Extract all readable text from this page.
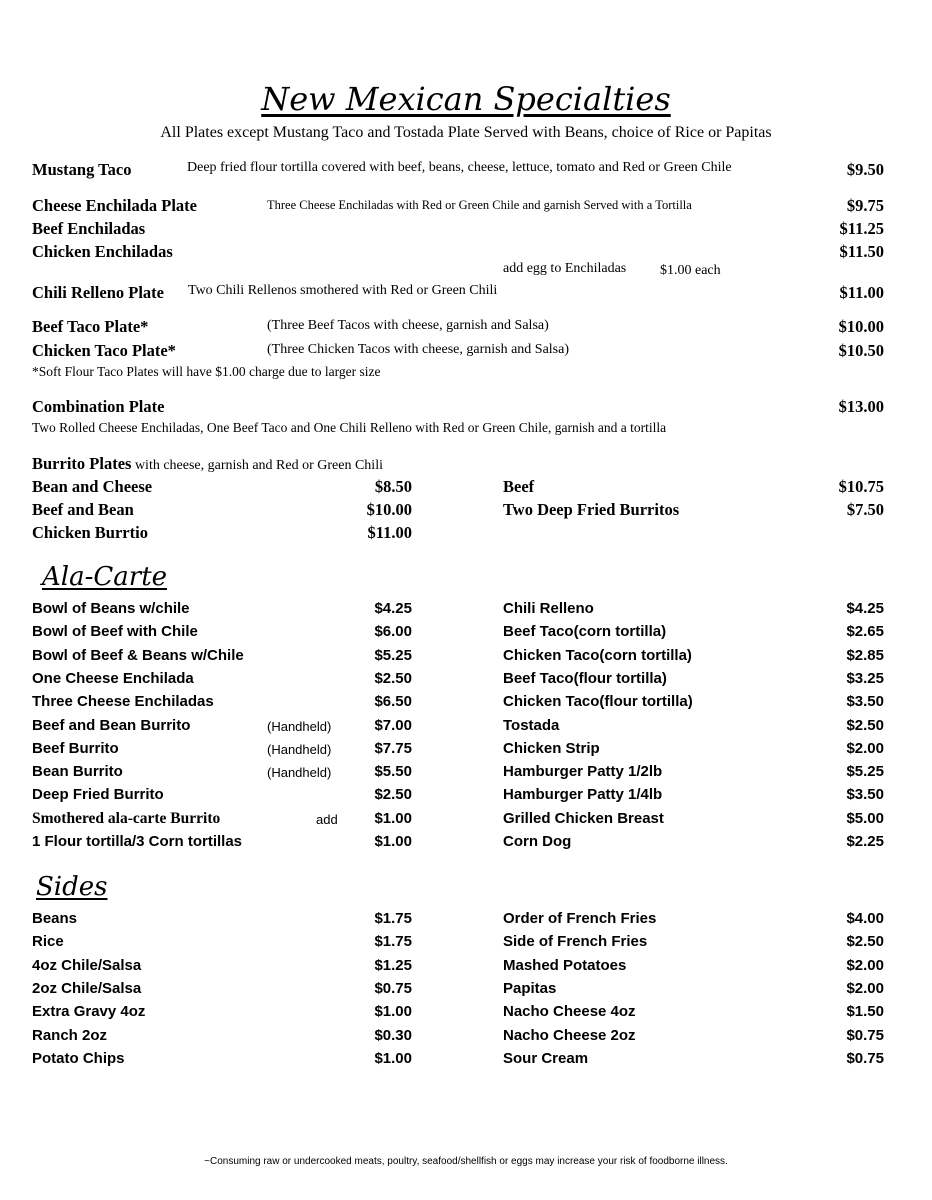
New Mexican Specialties
All Plates except Mustang Taco and Tostada Plate Served with Beans, choice of Rice or Papitas
Mustang Taco	Deep fried flour tortilla covered with beef, beans, cheese, lettuce, tomato and Red or Green Chile	$9.50
Cheese Enchilada Plate	Three Cheese Enchiladas with Red or Green Chile and garnish Served with a Tortilla	$9.75
Beef Enchiladas	$11.25
Chicken Enchiladas	$11.50
add egg to Enchiladas $1.00 each
Chili Relleno Plate Two Chili Rellenos smothered with Red or Green Chili	$11.00
Beef Taco Plate*	(Three Beef Tacos with cheese, garnish and Salsa)	$10.00
Chicken Taco Plate*	(Three Chicken Tacos with cheese, garnish and Salsa)	$10.50
*Soft Flour Taco Plates will have $1.00 charge due to larger size
Combination Plate	$13.00
Two Rolled Cheese Enchiladas, One Beef Taco and One Chili Relleno with Red or Green Chile, garnish and a tortilla
Burrito Plates with cheese, garnish and Red or Green Chili
Bean and Cheese	$8.50
Beef and Bean	$10.00
Chicken Burrtio	$11.00
Beef	$10.75
Two Deep Fried Burritos	$7.50
Ala-Carte
Bowl of Beans w/chile	$4.25
Bowl of Beef with Chile	$6.00
Bowl of Beef & Beans w/Chile	$5.25
One Cheese Enchilada	$2.50
Three Cheese Enchiladas	$6.50
Beef and Bean Burrito	(Handheld)	$7.00
Beef Burrito	(Handheld)	$7.75
Bean Burrito	(Handheld)	$5.50
Deep Fried Burrito	$2.50
Smothered ala-carte Burrito	add	$1.00
1 Flour tortilla/3 Corn tortillas	$1.00
Chili Relleno	$4.25
Beef Taco(corn tortilla)	$2.65
Chicken Taco(corn tortilla)	$2.85
Beef Taco(flour tortilla)	$3.25
Chicken Taco(flour tortilla)	$3.50
Tostada	$2.50
Chicken Strip	$2.00
Hamburger Patty 1/2lb	$5.25
Hamburger Patty 1/4lb	$3.50
Grilled Chicken Breast	$5.00
Corn Dog	$2.25
Sides
Beans	$1.75
Rice	$1.75
4oz Chile/Salsa	$1.25
2oz Chile/Salsa	$0.75
Extra Gravy 4oz	$1.00
Ranch 2oz	$0.30
Potato Chips	$1.00
Order of French Fries	$4.00
Side of French Fries	$2.50
Mashed Potatoes	$2.00
Papitas	$2.00
Nacho Cheese 4oz	$1.50
Nacho Cheese 2oz	$0.75
Sour Cream	$0.75
~Consuming raw or undercooked meats, poultry, seafood/shellfish or eggs may increase your risk of foodborne illness.
